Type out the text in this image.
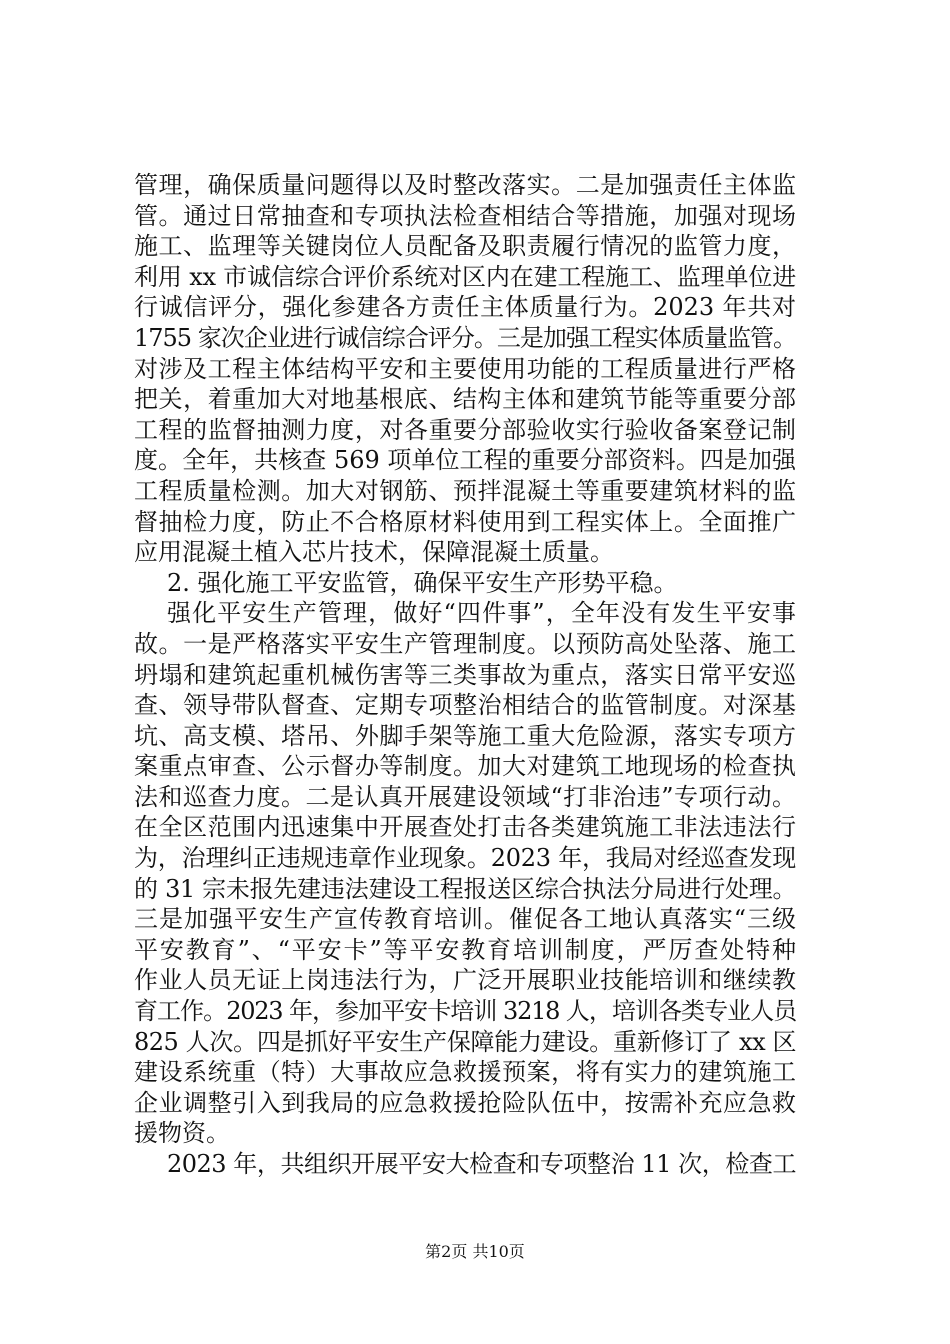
管理，确保质量问题得以及时整改落实。二是加强责任主体监
管。通过日常抽查和专项执法检查相结合等措施，加强对现场
施工、监理等关键岗位人员配备及职责履行情况的监管力度，
利用 xx 市诚信综合评价系统对区内在建工程施工、监理单位进
行诚信评分，强化参建各方责任主体质量行为。2023 年共对
1755 家次企业进行诚信综合评分。三是加强工程实体质量监管。
对涉及工程主体结构平安和主要使用功能的工程质量进行严格
把关，着重加大对地基根底、结构主体和建筑节能等重要分部
工程的监督抽测力度，对各重要分部验收实行验收备案登记制
度。全年，共核查 569 项单位工程的重要分部资料。四是加强
工程质量检测。加大对钢筋、预拌混凝土等重要建筑材料的监
督抽检力度，防止不合格原材料使用到工程实体上。全面推广
应用混凝土植入芯片技术，保障混凝土质量。
2. 强化施工平安监管，确保平安生产形势平稳。
强化平安生产管理，做好“四件事”，全年没有发生平安事
故。一是严格落实平安生产管理制度。以预防高处坠落、施工
坍塌和建筑起重机械伤害等三类事故为重点，落实日常平安巡
查、领导带队督查、定期专项整治相结合的监管制度。对深基
坑、高支模、塔吊、外脚手架等施工重大危险源，落实专项方
案重点审查、公示督办等制度。加大对建筑工地现场的检查执
法和巡查力度。二是认真开展建设领域“打非治违”专项行动。
在全区范围内迅速集中开展查处打击各类建筑施工非法违法行
为，治理纠正违规违章作业现象。2023 年，我局对经巡查发现
的 31 宗未报先建违法建设工程报送区综合执法分局进行处理。
三是加强平安生产宣传教育培训。催促各工地认真落实“三级
平安教育”、“平安卡”等平安教育培训制度，严厉查处特种
作业人员无证上岗违法行为，广泛开展职业技能培训和继续教
育工作。2023 年，参加平安卡培训 3218 人，培训各类专业人员
825 人次。四是抓好平安生产保障能力建设。重新修订了 xx 区
建设系统重（特）大事故应急救援预案，将有实力的建筑施工
企业调整引入到我局的应急救援抢险队伍中，按需补充应急救
援物资。
2023 年，共组织开展平安大检查和专项整治 11 次，检查工
第2页 共10页
